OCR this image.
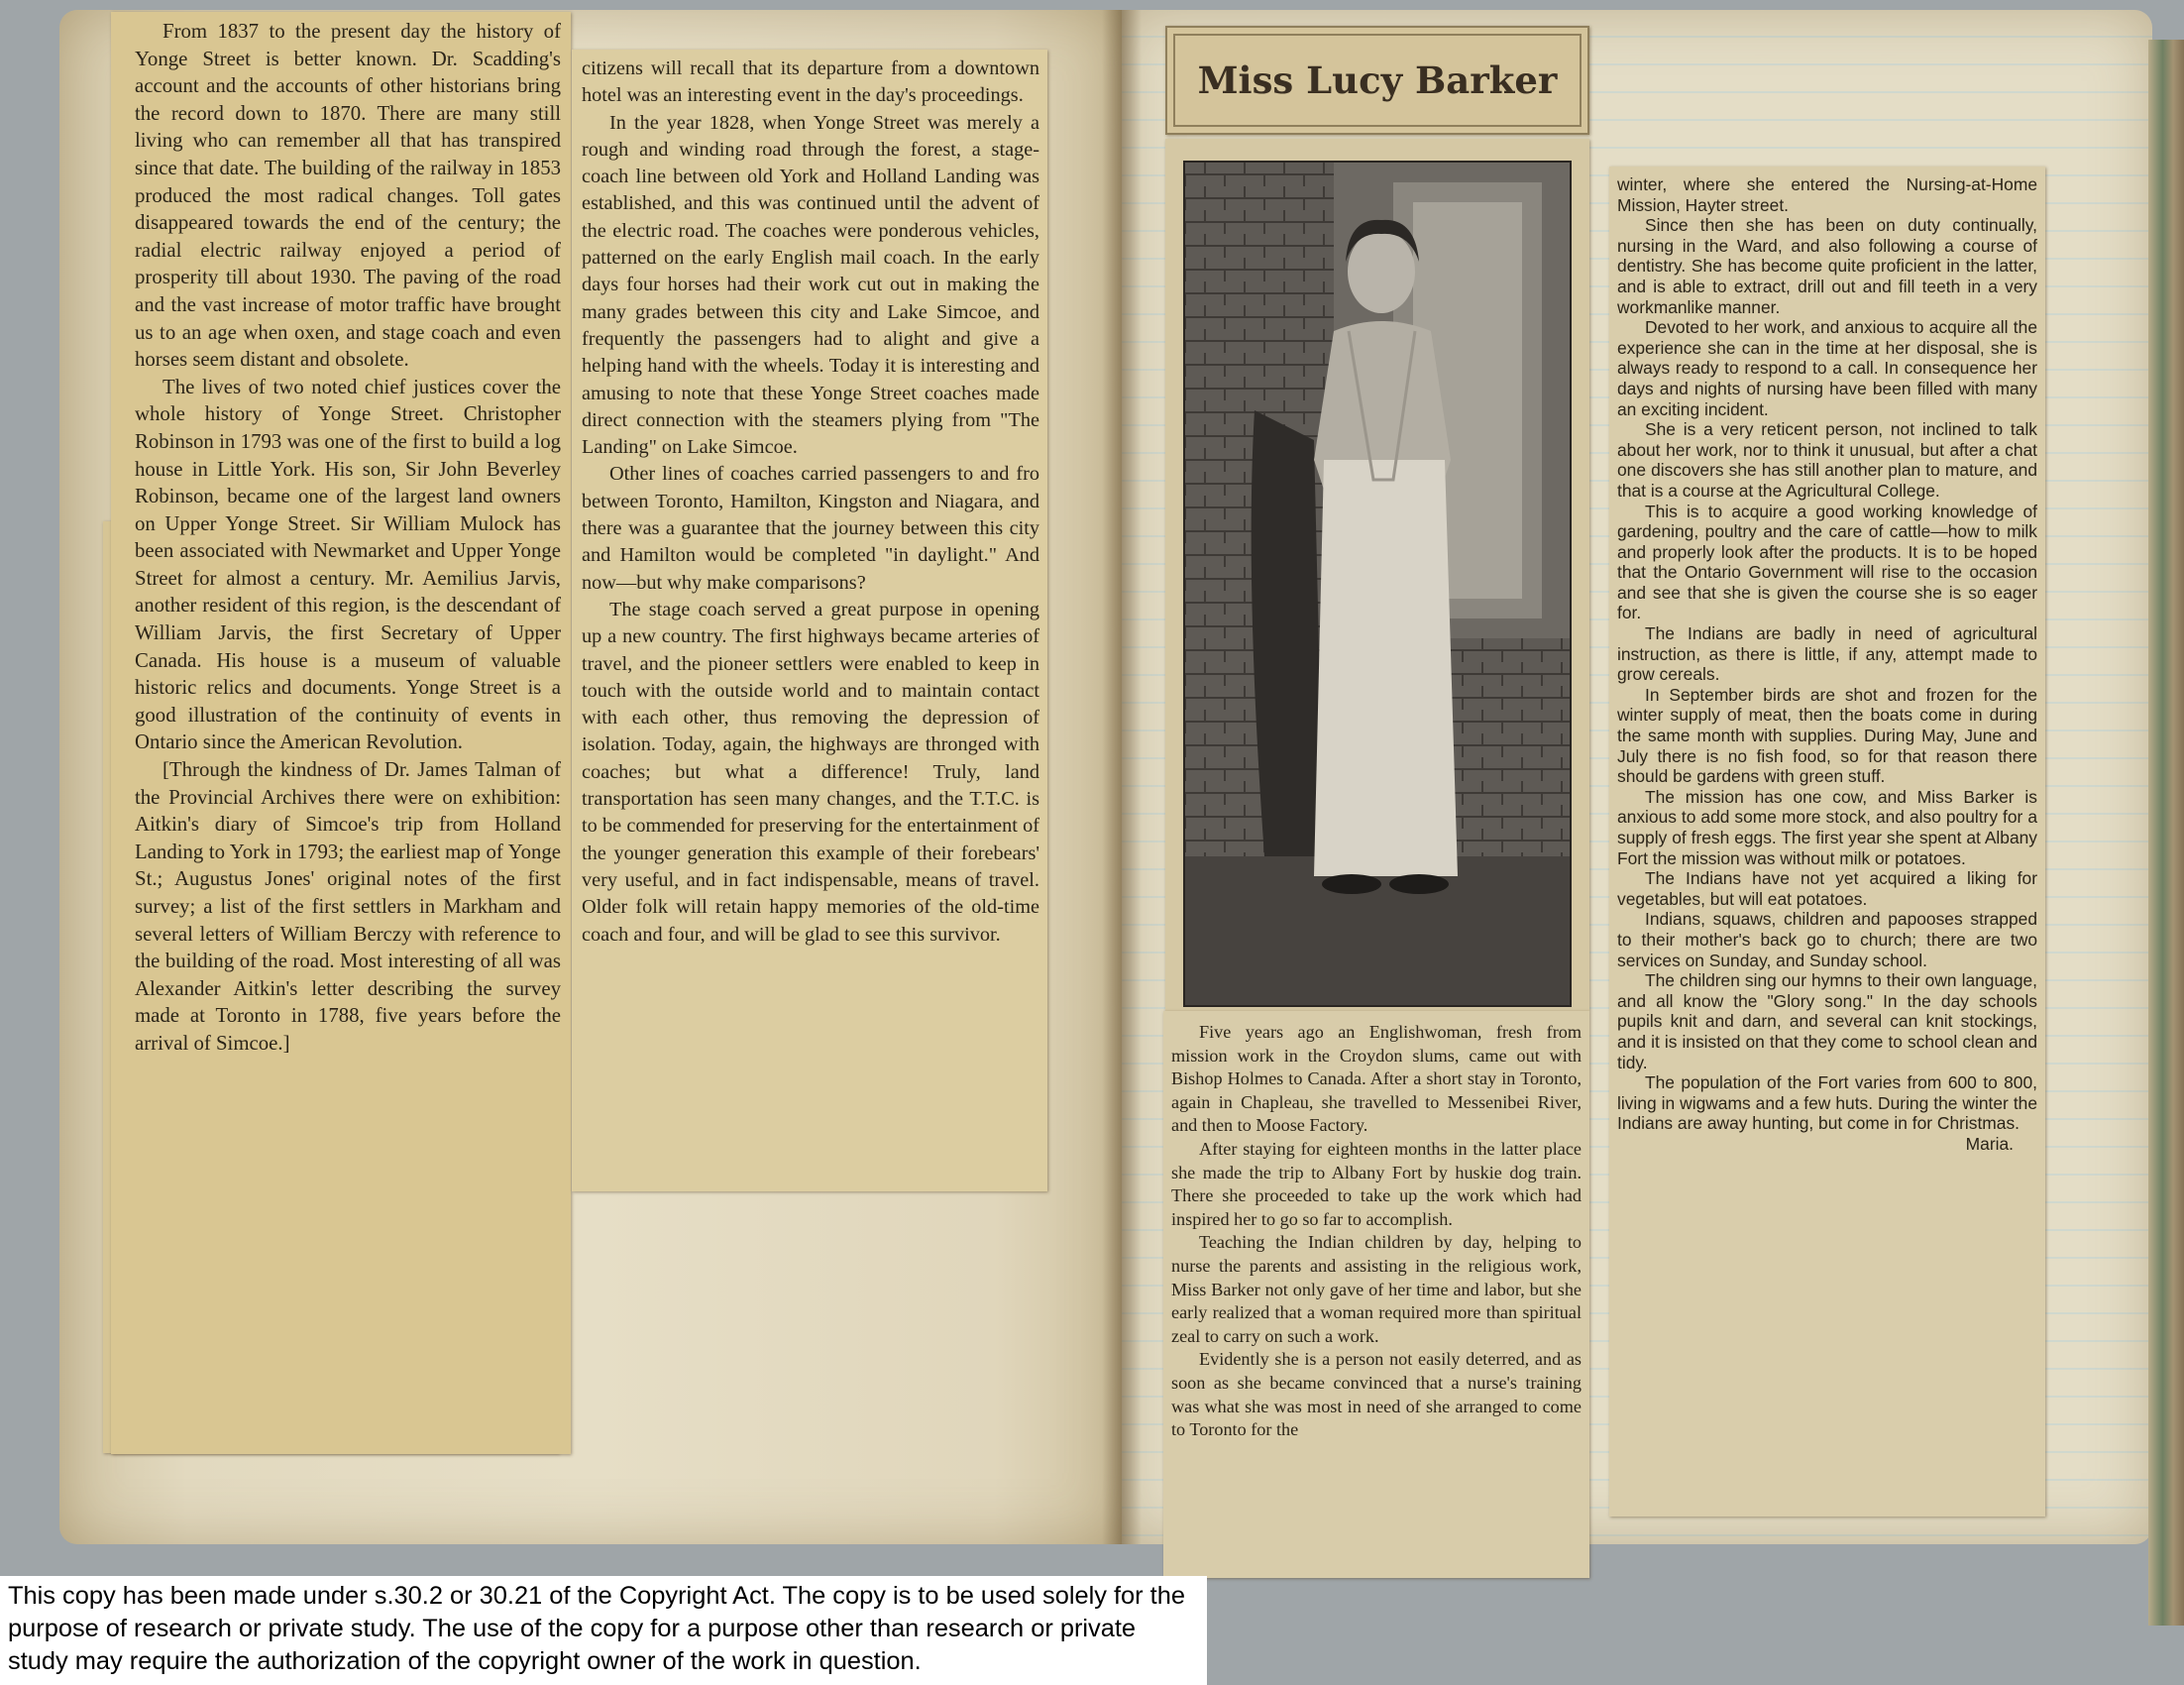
From 1837 to the present day the history of Yonge Street is better known. Dr. Scadding's account and the accounts of other historians bring the record down to 1870. There are many still living who can remember all that has transpired since that date. The building of the railway in 1853 produced the most radical changes. Toll gates disappeared towards the end of the century; the radial electric railway enjoyed a period of prosperity till about 1930. The paving of the road and the vast increase of motor traffic have brought us to an age when oxen, and stage coach and even horses seem distant and obsolete.

The lives of two noted chief justices cover the whole history of Yonge Street. Christopher Robinson in 1793 was one of the first to build a log house in Little York. His son, Sir John Beverley Robinson, became one of the largest land owners on Upper Yonge Street. Sir William Mulock has been associated with Newmarket and Upper Yonge Street for almost a century. Mr. Aemilius Jarvis, another resident of this region, is the descendant of William Jarvis, the first Secretary of Upper Canada. His house is a museum of valuable historic relics and documents. Yonge Street is a good illustration of the continuity of events in Ontario since the American Revolution.

[Through the kindness of Dr. James Talman of the Provincial Archives there were on exhibition: Aitkin's diary of Simcoe's trip from Holland Landing to York in 1793; the earliest map of Yonge St.; Augustus Jones' original notes of the first survey; a list of the first settlers in Markham and several letters of William Berczy with reference to the building of the road. Most interesting of all was Alexander Aitkin's letter describing the survey made at Toronto in 1788, five years before the arrival of Simcoe.]

citizens will recall that its departure from a downtown hotel was an interesting event in the day's proceedings.

In the year 1828, when Yonge Street was merely a rough and winding road through the forest, a stage-coach line between old York and Holland Landing was established, and this was continued until the advent of the electric road. The coaches were ponderous vehicles, patterned on the early English mail coach. In the early days four horses had their work cut out in making the many grades between this city and Lake Simcoe, and frequently the passengers had to alight and give a helping hand with the wheels. Today it is interesting and amusing to note that these Yonge Street coaches made direct connection with the steamers plying from "The Landing" on Lake Simcoe.

Other lines of coaches carried passengers to and fro between Toronto, Hamilton, Kingston and Niagara, and there was a guarantee that the journey between this city and Hamilton would be completed "in daylight." And now—but why make comparisons?

The stage coach served a great purpose in opening up a new country. The first highways became arteries of travel, and the pioneer settlers were enabled to keep in touch with the outside world and to maintain contact with each other, thus removing the depression of isolation. Today, again, the highways are thronged with coaches; but what a difference! Truly, land transportation has seen many changes, and the T.T.C. is to be commended for preserving for the entertainment of the younger generation this example of their forebears' very useful, and in fact indispensable, means of travel. Older folk will retain happy memories of the old-time coach and four, and will be glad to see this survivor.

Miss Lucy Barker

Five years ago an Englishwoman, fresh from mission work in the Croydon slums, came out with Bishop Holmes to Canada. After a short stay in Toronto, again in Chapleau, she travelled to Messenibei River, and then to Moose Factory.

After staying for eighteen months in the latter place she made the trip to Albany Fort by huskie dog train. There she proceeded to take up the work which had inspired her to go so far to accomplish.

Teaching the Indian children by day, helping to nurse the parents and assisting in the religious work, Miss Barker not only gave of her time and labor, but she early realized that a woman required more than spiritual zeal to carry on such a work.

Evidently she is a person not easily deterred, and as soon as she became convinced that a nurse's training was what she was most in need of she arranged to come to Toronto for the

winter, where she entered the Nursing-at-Home Mission, Hayter street.

Since then she has been on duty continually, nursing in the Ward, and also following a course of dentistry. She has become quite proficient in the latter, and is able to extract, drill out and fill teeth in a very workmanlike manner.

Devoted to her work, and anxious to acquire all the experience she can in the time at her disposal, she is always ready to respond to a call. In consequence her days and nights of nursing have been filled with many an exciting incident.

She is a very reticent person, not inclined to talk about her work, nor to think it unusual, but after a chat one discovers she has still another plan to mature, and that is a course at the Agricultural College.

This is to acquire a good working knowledge of gardening, poultry and the care of cattle—how to milk and properly look after the products. It is to be hoped that the Ontario Government will rise to the occasion and see that she is given the course she is so eager for.

The Indians are badly in need of agricultural instruction, as there is little, if any, attempt made to grow cereals.

In September birds are shot and frozen for the winter supply of meat, then the boats come in during the same month with supplies. During May, June and July there is no fish food, so for that reason there should be gardens with green stuff.

The mission has one cow, and Miss Barker is anxious to add some more stock, and also poultry for a supply of fresh eggs. The first year she spent at Albany Fort the mission was without milk or potatoes.

The Indians have not yet acquired a liking for vegetables, but will eat potatoes.

Indians, squaws, children and papooses strapped to their mother's back go to church; there are two services on Sunday, and Sunday school.

The children sing our hymns to their own language, and all know the "Glory song." In the day schools pupils knit and darn, and several can knit stockings, and it is insisted on that they come to school clean and tidy.

The population of the Fort varies from 600 to 800, living in wigwams and a few huts. During the winter the Indians are away hunting, but come in for Christmas.

Maria.

This copy has been made under s.30.2 or 30.21 of the Copyright Act. The copy is to be used solely for the purpose of research or private study. The use of the copy for a purpose other than research or private study may require the authorization of the copyright owner of the work in question.
